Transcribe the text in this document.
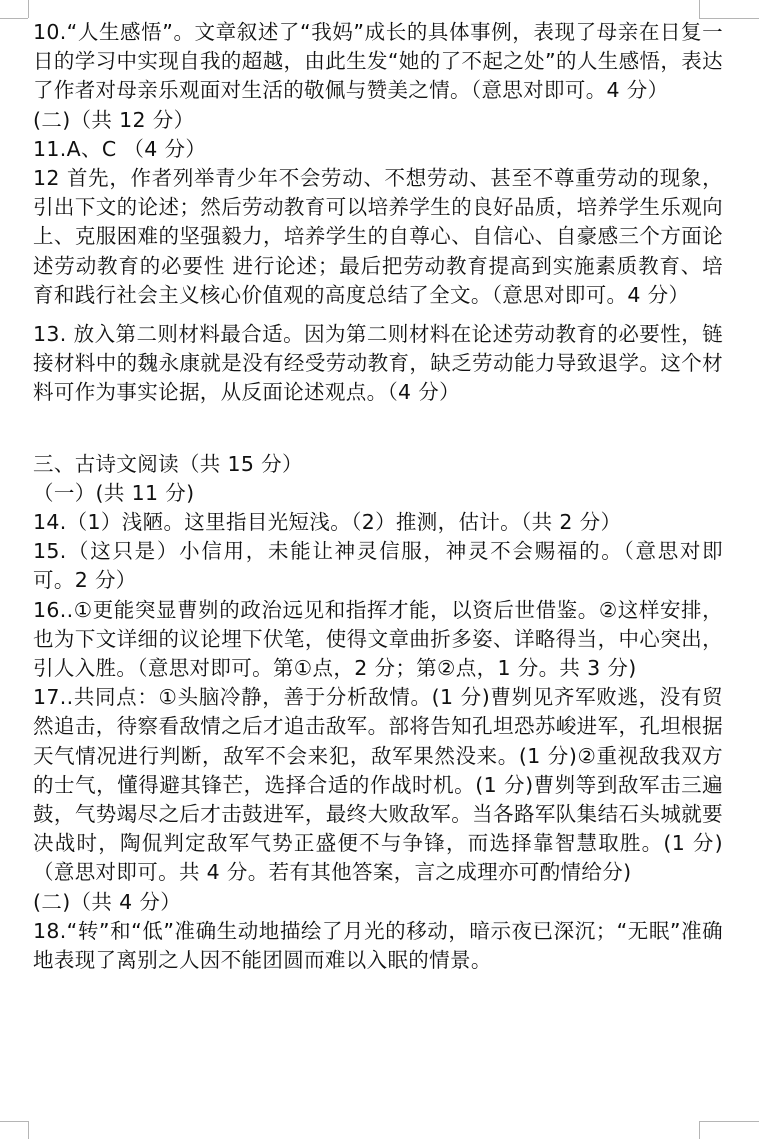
10.“人生感悟”。文章叙述了“我妈”成长的具体事例，表现了母亲在日复一日的学习中实现自我的超越，由此生发“她的了不起之处”的人生感悟，表达了作者对母亲乐观面对生活的敬佩与赞美之情。（意思对即可。4 分）

(二)（共 12 分）

11.A、C （4 分）

12 首先，作者列举青少年不会劳动、不想劳动、甚至不尊重劳动的现象，引出下文的论述；然后劳动教育可以培养学生的良好品质，培养学生乐观向上、克服困难的坚强毅力，培养学生的自尊心、自信心、自豪感三个方面论述劳动教育的必要性 进行论述；最后把劳动教育提高到实施素质教育、培育和践行社会主义核心价值观的高度总结了全文。（意思对即可。4 分）

13. 放入第二则材料最合适。因为第二则材料在论述劳动教育的必要性，链接材料中的魏永康就是没有经受劳动教育，缺乏劳动能力导致退学。这个材料可作为事实论据，从反面论述观点。（4 分）

三、古诗文阅读（共 15 分）

（一）(共 11 分)

14.（1）浅陋。这里指目光短浅。（2）推测，估计。（共 2 分）

15.（这只是）小信用，未能让神灵信服，神灵不会赐福的。（意思对即可。2 分）

16..①更能突显曹刿的政治远见和指挥才能，以资后世借鉴。②这样安排，也为下文详细的议论埋下伏笔，使得文章曲折多姿、详略得当，中心突出，引人入胜。（意思对即可。第①点，2 分；第②点，1 分。共 3 分)

17..共同点：①头脑冷静，善于分析敌情。(1 分)曹刿见齐军败逃，没有贸然追击，待察看敌情之后才追击敌军。部将告知孔坦恐苏峻进军，孔坦根据天气情况进行判断，敌军不会来犯，敌军果然没来。(1 分)②重视敌我双方的士气，懂得避其锋芒，选择合适的作战时机。(1 分)曹刿等到敌军击三遍鼓，气势竭尽之后才击鼓进军，最终大败敌军。当各路军队集结石头城就要决战时，陶侃判定敌军气势正盛便不与争锋，而选择靠智慧取胜。(1 分)（意思对即可。共 4 分。若有其他答案，言之成理亦可酌情给分)

(二)（共 4 分）

18.“转”和“低”准确生动地描绘了月光的移动，暗示夜已深沉；“无眠”准确地表现了离别之人因不能团圆而难以入眠的情景。
